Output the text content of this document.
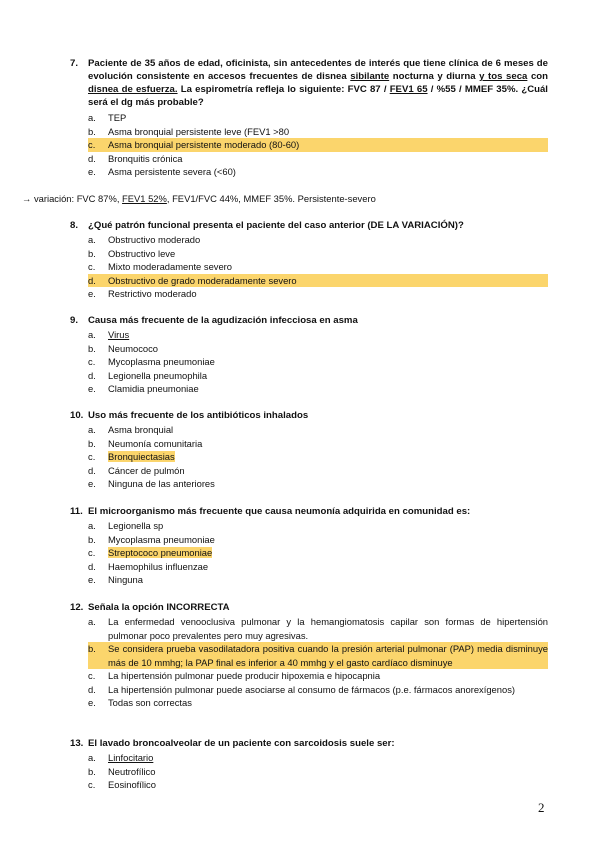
7.	Paciente de 35 años de edad, oficinista, sin antecedentes de interés que tiene clínica de 6 meses de evolución consistente en accesos frecuentes de disnea sibilante nocturna y diurna y tos seca con disnea de esfuerza. La espirometría refleja lo siguiente: FVC 87 / FEV1 65 / %55 / MMEF 35%. ¿Cuál será el dg más probable?
a.	TEP
b.	Asma bronquial persistente leve (FEV1 >80
c.	Asma bronquial persistente moderado (80-60)
d.	Bronquitis crónica
e.	Asma persistente severa (<60)
→ variación: FVC 87%, FEV1 52%, FEV1/FVC 44%, MMEF 35%. Persistente-severo
8.	¿Qué patrón funcional presenta el paciente del caso anterior (DE LA VARIACIÓN)?
a.	Obstructivo moderado
b.	Obstructivo leve
c.	Mixto moderadamente severo
d.	Obstructivo de grado moderadamente severo
e.	Restrictivo moderado
9.	Causa más frecuente de la agudización infecciosa en asma
a.	Virus
b.	Neumococo
c.	Mycoplasma pneumoniae
d.	Legionella pneumophila
e.	Clamidia pneumoniae
10. Uso más frecuente de los antibióticos inhalados
a.	Asma bronquial
b.	Neumonía comunitaria
c.	Bronquiectasias
d.	Cáncer de pulmón
e.	Ninguna de las anteriores
11. El microorganismo más frecuente que causa neumonía adquirida en comunidad es:
a.	Legionella sp
b.	Mycoplasma pneumoniae
c.	Streptococo pneumoniae
d.	Haemophilus influenzae
e.	Ninguna
12. Señala la opción INCORRECTA
a.	La enfermedad venooclusiva pulmonar y la hemangiomatosis capilar son formas de hipertensión pulmonar poco prevalentes pero muy agresivas.
b.	Se considera prueba vasodilatadora positiva cuando la presión arterial pulmonar (PAP) media disminuye más de 10 mmhg; la PAP final es inferior a 40 mmhg y el gasto cardíaco disminuye
c.	La hipertensión pulmonar puede producir hipoxemia e hipocapnia
d.	La hipertensión pulmonar puede asociarse al consumo de fármacos (p.e. fármacos anorexígenos)
e.	Todas son correctas
13. El lavado broncoalveolar de un paciente con sarcoidosis suele ser:
a.	Linfocitario
b.	Neutrofílico
c.	Eosinofílico
2
